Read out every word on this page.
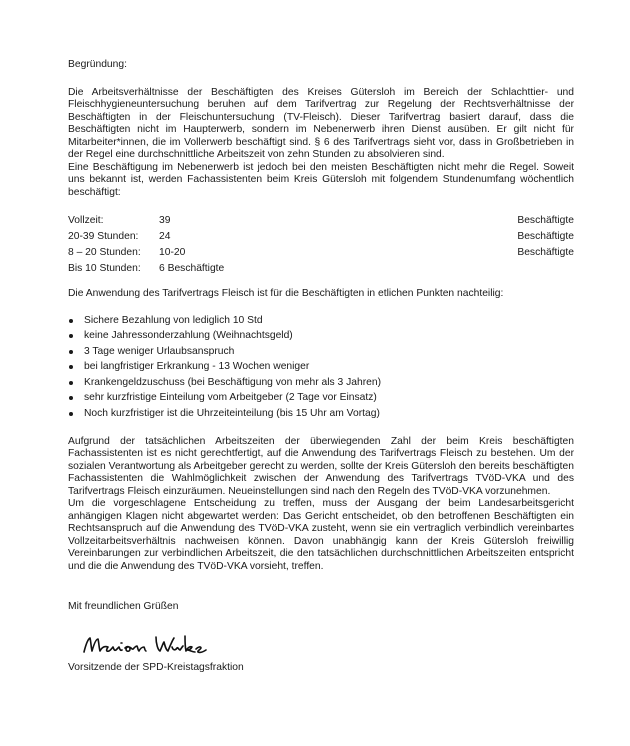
Begründung:

Die Arbeitsverhältnisse der Beschäftigten des Kreises Gütersloh im Bereich der Schlachttier- und Fleischhygieneuntersuchung beruhen auf dem Tarifvertrag zur Regelung der Rechtsverhältnisse der Beschäftigten in der Fleischuntersuchung (TV-Fleisch). Dieser Tarifvertrag basiert darauf, dass die Beschäftigten nicht im Haupterwerb, sondern im Nebenerwerb ihren Dienst ausüben. Er gilt nicht für Mitarbeiter*innen, die im Vollerwerb beschäftigt sind. § 6 des Tarifvertrags sieht vor, dass in Großbetrieben in der Regel eine durchschnittliche Arbeitszeit von zehn Stunden zu absolvieren sind.

Eine Beschäftigung im Nebenerwerb ist jedoch bei den meisten Beschäftigten nicht mehr die Regel. Soweit uns bekannt ist, werden Fachassistenten beim Kreis Gütersloh mit folgendem Stundenumfang wöchentlich beschäftigt:

Vollzeit:	39	Beschäftigte
20-39 Stunden: 24	Beschäftigte
8 – 20 Stunden: 10-20	Beschäftigte
Bis 10 Stunden: 6 Beschäftigte

Die Anwendung des Tarifvertrags Fleisch ist für die Beschäftigten in etlichen Punkten nachteilig:

Sichere Bezahlung von lediglich 10 Std
keine Jahressonderzahlung (Weihnachtsgeld)
3 Tage weniger Urlaubsanspruch
bei langfristiger Erkrankung - 13 Wochen weniger
Krankengeldzuschuss (bei Beschäftigung von mehr als 3 Jahren)
sehr kurzfristige Einteilung vom Arbeitgeber (2 Tage vor Einsatz)
Noch kurzfristiger ist die Uhrzeiteinteilung (bis 15 Uhr am Vortag)

Aufgrund der tatsächlichen Arbeitszeiten der überwiegenden Zahl der beim Kreis beschäftigten Fachassistenten ist es nicht gerechtfertigt, auf die Anwendung des Tarifvertrags Fleisch zu bestehen. Um der sozialen Verantwortung als Arbeitgeber gerecht zu werden, sollte der Kreis Gütersloh den bereits beschäftigten Fachassistenten die Wahlmöglichkeit zwischen der Anwendung des Tarifvertrags TVöD-VKA und des Tarifvertrags Fleisch einzuräumen. Neueinstellungen sind nach den Regeln des TVöD-VKA vorzunehmen.

Um die vorgeschlagene Entscheidung zu treffen, muss der Ausgang der beim Landesarbeitsgericht anhängigen Klagen nicht abgewartet werden: Das Gericht entscheidet, ob den betroffenen Beschäftigten ein Rechtsanspruch auf die Anwendung des TVöD-VKA zusteht, wenn sie ein vertraglich verbindlich vereinbartes Vollzeitarbeitsverhältnis nachweisen können. Davon unabhängig kann der Kreis Gütersloh freiwillig Vereinbarungen zur verbindlichen Arbeitszeit, die den tatsächlichen durchschnittlichen Arbeitszeiten entspricht und die die Anwendung des TVöD-VKA vorsieht, treffen.

Mit freundlichen Grüßen

Vorsitzende der SPD-Kreistagsfraktion
